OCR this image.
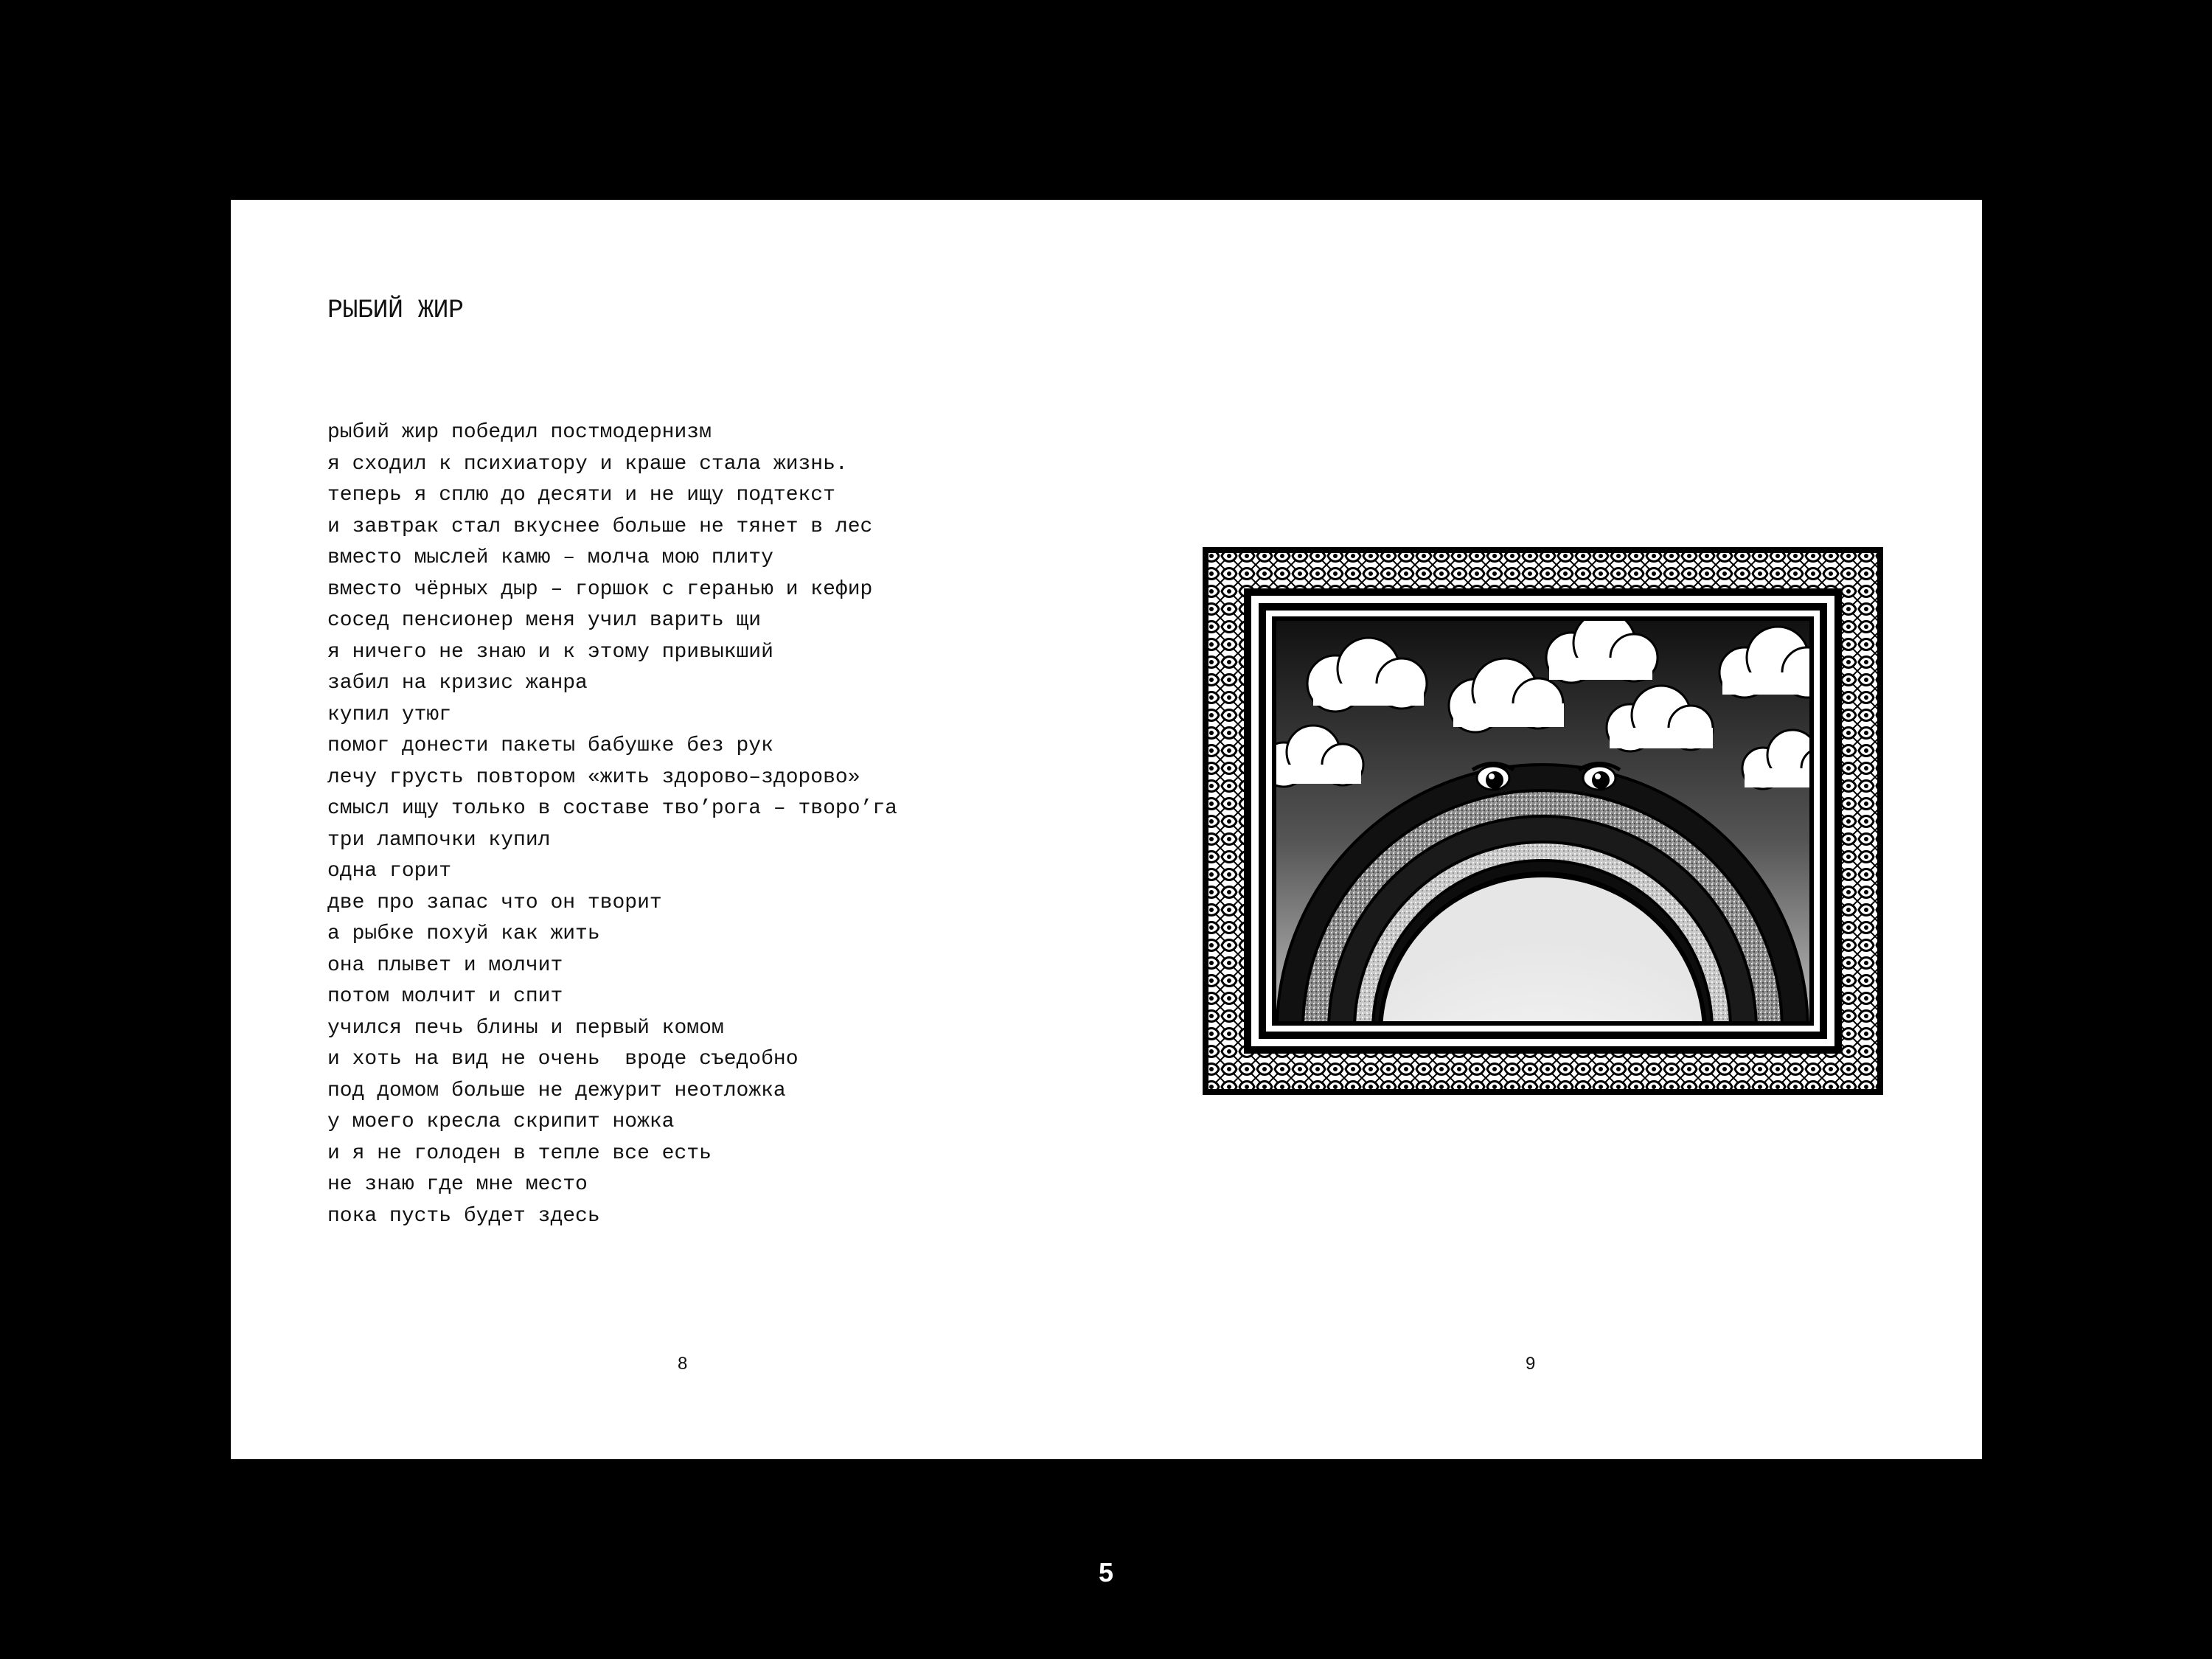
РЫБИЙ ЖИР
рыбий жир победил постмодернизм
я сходил к психиатору и краше стала жизнь.
теперь я сплю до десяти и не ищу подтекст
и завтрак стал вкуснее больше не тянет в лес
вместо мыслей камю – молча мою плиту
вместо чёрных дыр – горшок с геранью и кефир
сосед пенсионер меня учил варить щи
я ничего не знаю и к этому привыкший
забил на кризис жанра
купил утюг
помог донести пакеты бабушке без рук
лечу грусть повтором «жить здорово–здорово»
смысл ищу только в составе тво’рога – творо’га
три лампочки купил
одна горит
две про запас что он творит
а рыбке похуй как жить
она плывет и молчит
потом молчит и спит
учился печь блины и первый комом
и хоть на вид не очень  вроде съедобно
под домом больше не дежурит неотложка
у моего кресла скрипит ножка
и я не голоден в тепле все есть
не знаю где мне место
пока пусть будет здесь
8	9
5
